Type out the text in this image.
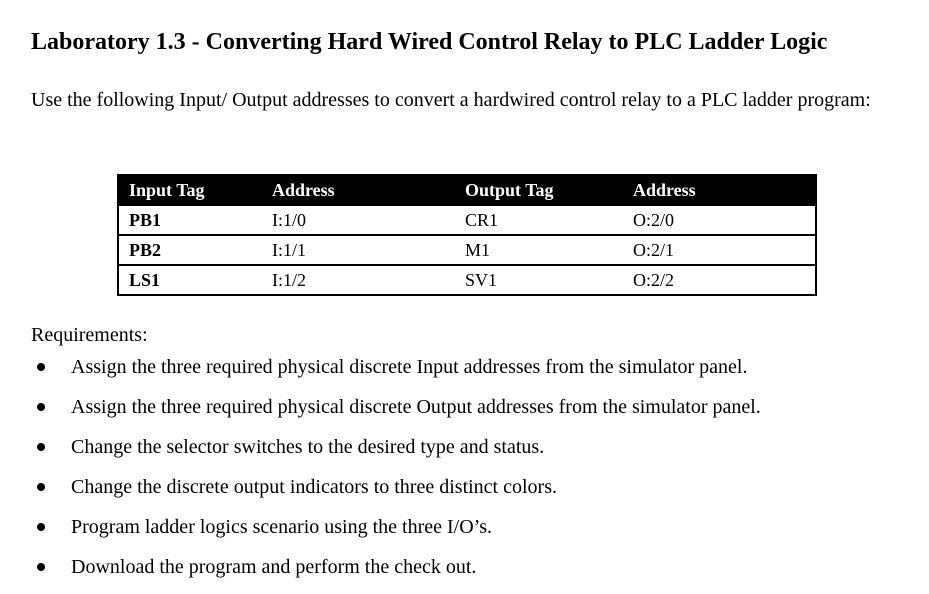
Laboratory 1.3 - Converting Hard Wired Control Relay to PLC Ladder Logic

Use the following Input/ Output addresses to convert a hardwired control relay to a PLC ladder program:

Input Tag	Address	Output Tag	Address
PB1	I:1/0	CR1	O:2/0
PB2	I:1/1	M1	O:2/1
LS1	I:1/2	SV1	O:2/2

Requirements:

Assign the three required physical discrete Input addresses from the simulator panel.
Assign the three required physical discrete Output addresses from the simulator panel.
Change the selector switches to the desired type and status.
Change the discrete output indicators to three distinct colors.
Program ladder logics scenario using the three I/O’s.
Download the program and perform the check out.
